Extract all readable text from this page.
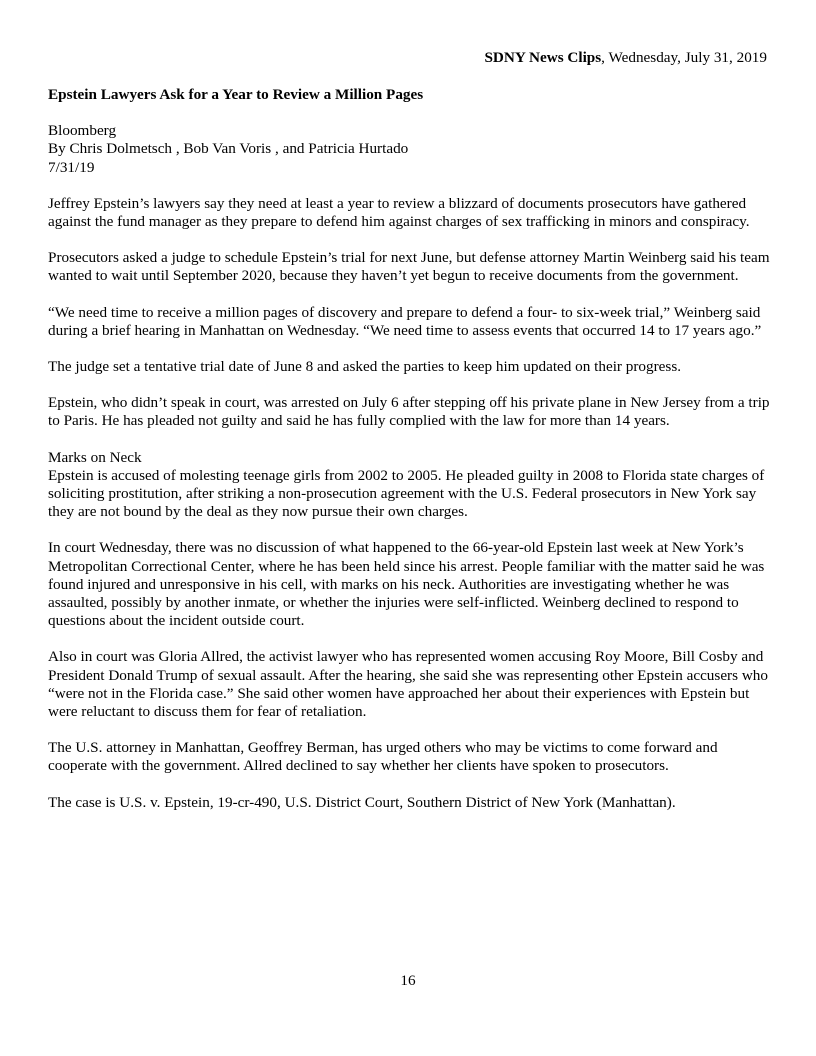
SDNY News Clips, Wednesday, July 31, 2019
Epstein Lawyers Ask for a Year to Review a Million Pages
Bloomberg
By Chris Dolmetsch , Bob Van Voris , and Patricia Hurtado
7/31/19

Jeffrey Epstein’s lawyers say they need at least a year to review a blizzard of documents prosecutors have gathered against the fund manager as they prepare to defend him against charges of sex trafficking in minors and conspiracy.

Prosecutors asked a judge to schedule Epstein’s trial for next June, but defense attorney Martin Weinberg said his team wanted to wait until September 2020, because they haven’t yet begun to receive documents from the government.

“We need time to receive a million pages of discovery and prepare to defend a four- to six-week trial,” Weinberg said during a brief hearing in Manhattan on Wednesday. “We need time to assess events that occurred 14 to 17 years ago.”

The judge set a tentative trial date of June 8 and asked the parties to keep him updated on their progress.

Epstein, who didn’t speak in court, was arrested on July 6 after stepping off his private plane in New Jersey from a trip to Paris. He has pleaded not guilty and said he has fully complied with the law for more than 14 years.

Marks on Neck

Epstein is accused of molesting teenage girls from 2002 to 2005. He pleaded guilty in 2008 to Florida state charges of soliciting prostitution, after striking a non-prosecution agreement with the U.S. Federal prosecutors in New York say they are not bound by the deal as they now pursue their own charges.

In court Wednesday, there was no discussion of what happened to the 66-year-old Epstein last week at New York’s Metropolitan Correctional Center, where he has been held since his arrest. People familiar with the matter said he was found injured and unresponsive in his cell, with marks on his neck. Authorities are investigating whether he was assaulted, possibly by another inmate, or whether the injuries were self-inflicted. Weinberg declined to respond to questions about the incident outside court.

Also in court was Gloria Allred, the activist lawyer who has represented women accusing Roy Moore, Bill Cosby and President Donald Trump of sexual assault. After the hearing, she said she was representing other Epstein accusers who “were not in the Florida case.” She said other women have approached her about their experiences with Epstein but were reluctant to discuss them for fear of retaliation.

The U.S. attorney in Manhattan, Geoffrey Berman, has urged others who may be victims to come forward and cooperate with the government. Allred declined to say whether her clients have spoken to prosecutors.

The case is U.S. v. Epstein, 19-cr-490, U.S. District Court, Southern District of New York (Manhattan).

16
